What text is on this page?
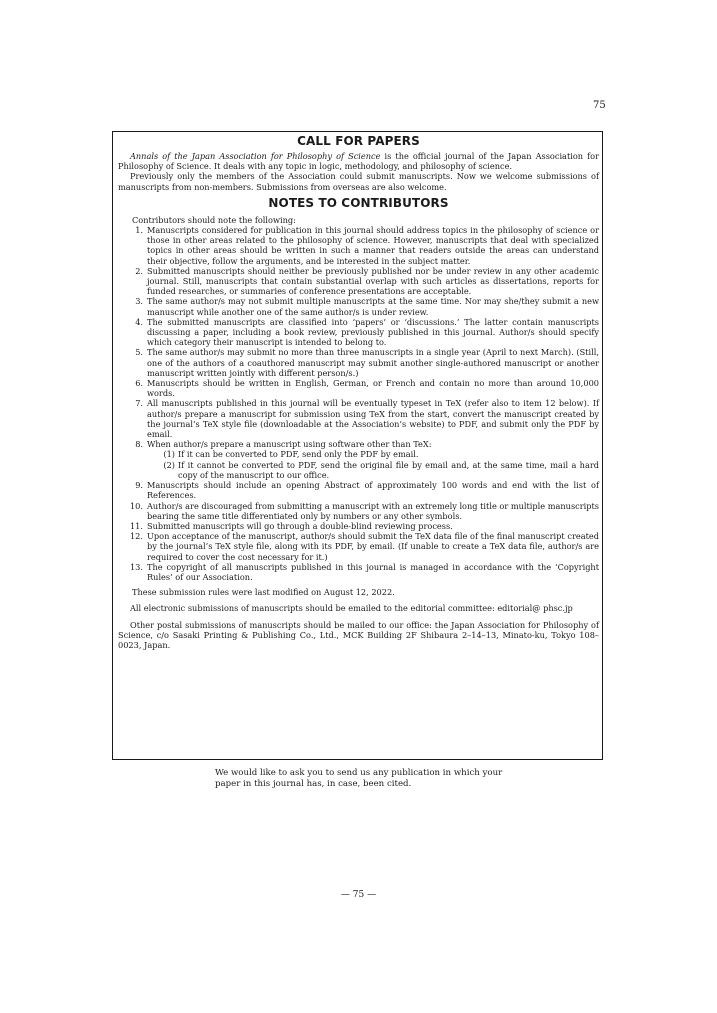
75
CALL FOR PAPERS

Annals of the Japan Association for Philosophy of Science is the official journal of the Japan Association for Philosophy of Science. It deals with any topic in logic, methodology, and philosophy of science.

Previously only the members of the Association could submit manuscripts. Now we welcome submissions of manuscripts from non-members. Submissions from overseas are also welcome.

NOTES TO CONTRIBUTORS

Contributors should note the following:

1. Manuscripts considered for publication in this journal should address topics in the philosophy of science or those in other areas related to the philosophy of science. However, manuscripts that deal with specialized topics in other areas should be written in such a manner that readers outside the areas can understand their objective, follow the arguments, and be interested in the subject matter.
2. Submitted manuscripts should neither be previously published nor be under review in any other academic journal. Still, manuscripts that contain substantial overlap with such articles as dissertations, reports for funded researches, or summaries of conference presentations are acceptable.
3. The same author/s may not submit multiple manuscripts at the same time. Nor may she/they submit a new manuscript while another one of the same author/s is under review.
4. The submitted manuscripts are classified into ‘papers’ or ‘discussions.’ The latter contain manuscripts discussing a paper, including a book review, previously published in this journal. Author/s should specify which category their manuscript is intended to belong to.
5. The same author/s may submit no more than three manuscripts in a single year (April to next March). (Still, one of the authors of a coauthored manuscript may submit another single-authored manuscript or another manuscript written jointly with different person/s.)
6. Manuscripts should be written in English, German, or French and contain no more than around 10,000 words.
7. All manuscripts published in this journal will be eventually typeset in TeX (refer also to item 12 below). If author/s prepare a manuscript for submission using TeX from the start, convert the manuscript created by the journal’s TeX style file (downloadable at the Association’s website) to PDF, and submit only the PDF by email.
8. When author/s prepare a manuscript using software other than TeX:
(1) If it can be converted to PDF, send only the PDF by email.
(2) If it cannot be converted to PDF, send the original file by email and, at the same time, mail a hard copy of the manuscript to our office.
9. Manuscripts should include an opening Abstract of approximately 100 words and end with the list of References.
10. Author/s are discouraged from submitting a manuscript with an extremely long title or multiple manuscripts bearing the same title differentiated only by numbers or any other symbols.
11. Submitted manuscripts will go through a double-blind reviewing process.
12. Upon acceptance of the manuscript, author/s should submit the TeX data file of the final manuscript created by the journal’s TeX style file, along with its PDF, by email. (If unable to create a TeX data file, author/s are required to cover the cost necessary for it.)
13. The copyright of all manuscripts published in this journal is managed in accordance with the ‘Copyright Rules’ of our Association.

These submission rules were last modified on August 12, 2022.

All electronic submissions of manuscripts should be emailed to the editorial committee: editorial@ phsc.jp

Other postal submissions of manuscripts should be mailed to our office: the Japan Association for Philosophy of Science, c/o Sasaki Printing & Publishing Co., Ltd., MCK Building 2F Shibaura 2–14–13, Minato-ku, Tokyo 108–0023, Japan.

We would like to ask you to send us any publication in which your paper in this journal has, in case, been cited.
— 75 —
